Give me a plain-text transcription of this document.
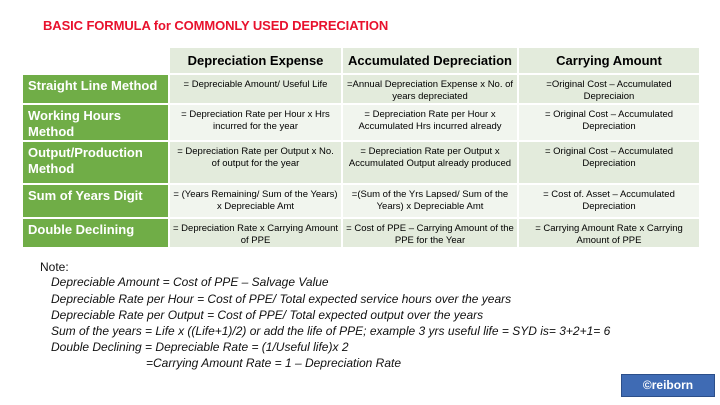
BASIC FORMULA for COMMONLY USED DEPRECIATION
	Depreciation Expense	Accumulated Depreciation	Carrying Amount
Straight Line Method	= Depreciable Amount/ Useful Life	=Annual Depreciation Expense x No. of years depreciated	=Original Cost – Accumulated Depreciaion
Working Hours Method	= Depreciation Rate per Hour x Hrs incurred for the year	= Depreciation Rate per Hour x Accumulated Hrs incurred already	= Original Cost – Accumulated Depreciation
Output/Production Method	= Depreciation Rate per Output x No. of output for the year	= Depreciation Rate per Output x Accumulated Output already produced	= Original Cost – Accumulated Depreciation
Sum of Years Digit	= (Years Remaining/ Sum of the Years) x Depreciable Amt	=(Sum of the Yrs Lapsed/ Sum of the Years) x Depreciable Amt	= Cost of. Asset – Accumulated Depreciation
Double Declining	= Depreciation Rate x Carrying Amount of PPE	= Cost of PPE – Carrying Amount of the PPE for the Year	= Carrying Amount Rate x Carrying Amount of PPE
Note:
Depreciable Amount = Cost of PPE – Salvage Value
Depreciable Rate per Hour = Cost of PPE/ Total expected service hours over the years
Depreciable Rate per Output = Cost of PPE/ Total expected output over the years
Sum of the years = Life x ((Life+1)/2) or add the life of PPE; example 3 yrs useful life = SYD is= 3+2+1= 6
Double Declining = Depreciable Rate = (1/Useful life)x 2
=Carrying Amount Rate = 1 – Depreciation Rate
©reiborn
